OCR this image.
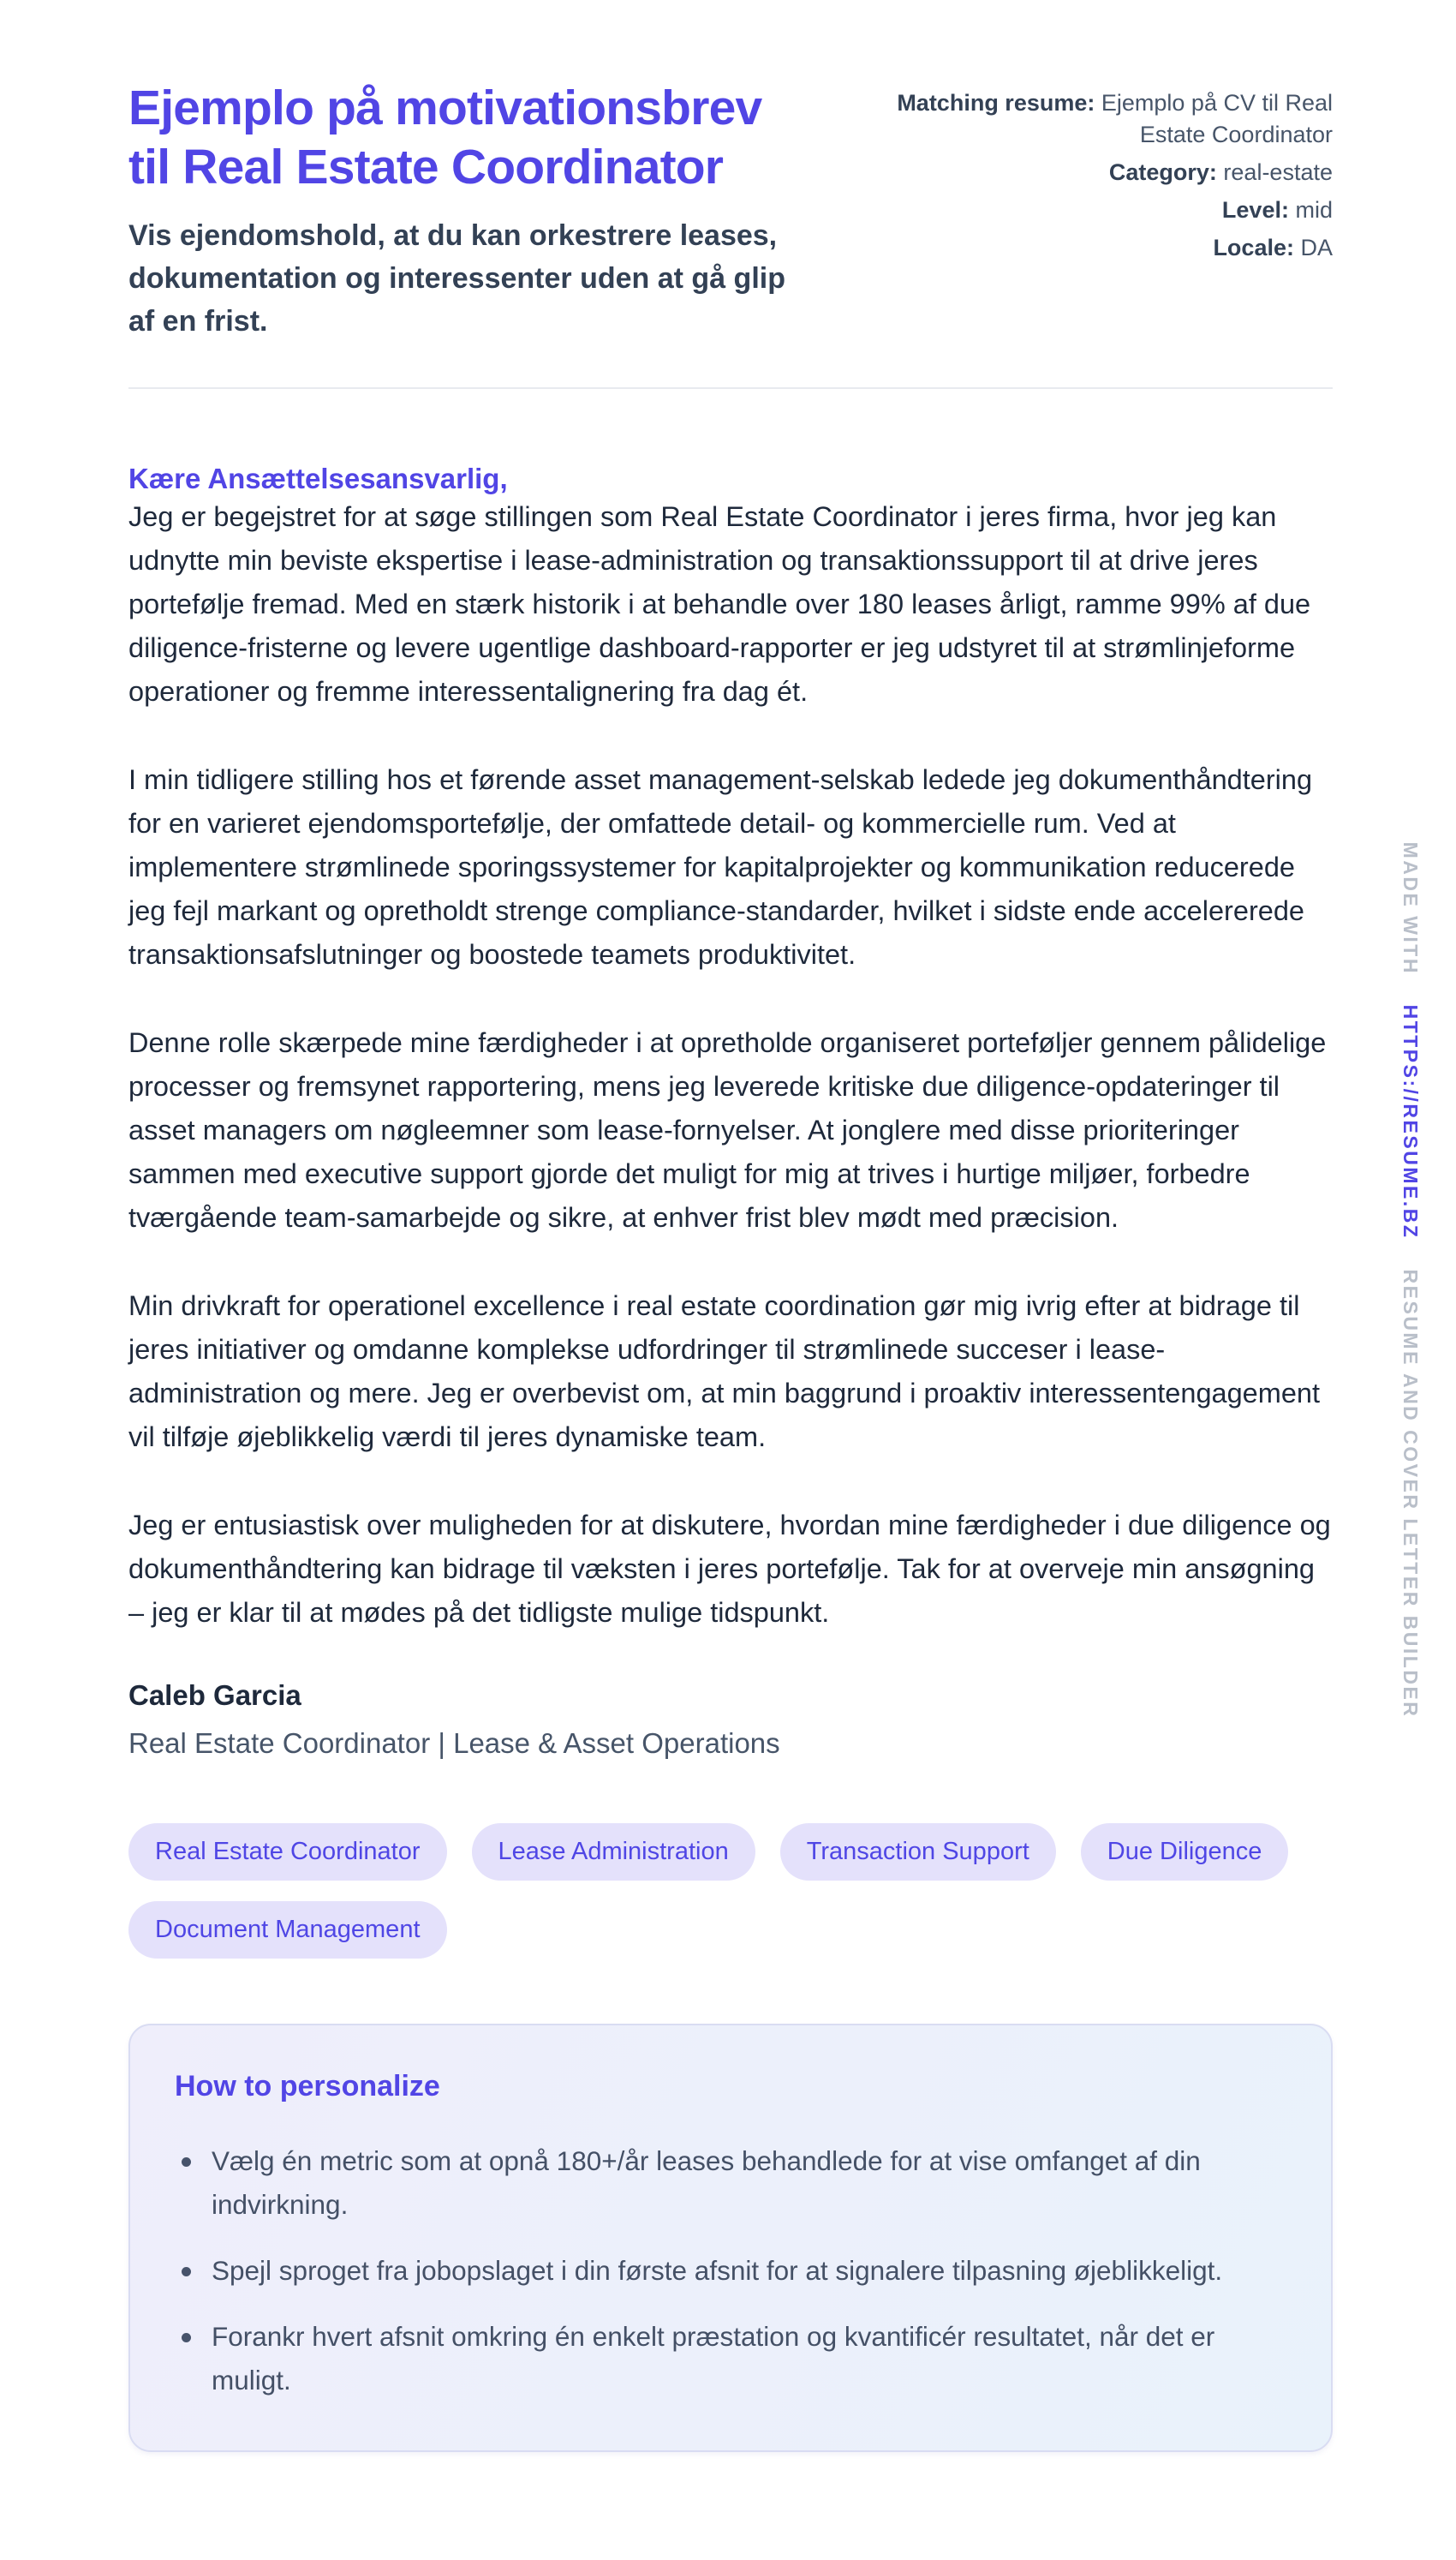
Ejemplo på motivationsbrev til Real Estate Coordinator
Vis ejendomshold, at du kan orkestrere leases, dokumentation og interessenter uden at gå glip af en frist.
Matching resume: Ejemplo på CV til Real Estate Coordinator
Category: real-estate
Level: mid
Locale: DA
Kære Ansættelsesansvarlig,

Jeg er begejstret for at søge stillingen som Real Estate Coordinator i jeres firma, hvor jeg kan udnytte min beviste ekspertise i lease-administration og transaktionssupport til at drive jeres portefølje fremad. Med en stærk historik i at behandle over 180 leases årligt, ramme 99% af due diligence-fristerne og levere ugentlige dashboard-rapporter er jeg udstyret til at strømlinjeforme operationer og fremme interessentalignering fra dag ét.

I min tidligere stilling hos et førende asset management-selskab ledede jeg dokumenthåndtering for en varieret ejendomsportefølje, der omfattede detail- og kommercielle rum. Ved at implementere strømlinede sporingssystemer for kapitalprojekter og kommunikation reducerede jeg fejl markant og opretholdt strenge compliance-standarder, hvilket i sidste ende accelererede transaktionsafslutninger og boostede teamets produktivitet.

Denne rolle skærpede mine færdigheder i at opretholde organiseret porteføljer gennem pålidelige processer og fremsynet rapportering, mens jeg leverede kritiske due diligence-opdateringer til asset managers om nøgleemner som lease-fornyelser. At jonglere med disse prioriteringer sammen med executive support gjorde det muligt for mig at trives i hurtige miljøer, forbedre tværgående team-samarbejde og sikre, at enhver frist blev mødt med præcision.

Min drivkraft for operationel excellence i real estate coordination gør mig ivrig efter at bidrage til jeres initiativer og omdanne komplekse udfordringer til strømlinede succeser i lease-administration og mere. Jeg er overbevist om, at min baggrund i proaktiv interessentengagement vil tilføje øjeblikkelig værdi til jeres dynamiske team.

Jeg er entusiastisk over muligheden for at diskutere, hvordan mine færdigheder i due diligence og dokumenthåndtering kan bidrage til væksten i jeres portefølje. Tak for at overveje min ansøgning – jeg er klar til at mødes på det tidligste mulige tidspunkt.

Caleb Garcia
Real Estate Coordinator | Lease & Asset Operations
Real Estate Coordinator	Lease Administration	Transaction Support	Due Diligence
Document Management
How to personalize
Vælg én metric som at opnå 180+/år leases behandlede for at vise omfanget af din indvirkning.
Spejl sproget fra jobopslaget i din første afsnit for at signalere tilpasning øjeblikkeligt.
Forankr hvert afsnit omkring én enkelt præstation og kvantificér resultatet, når det er muligt.
MADE WITH HTTPS://RESUME.BZ RESUME AND COVER LETTER BUILDER
